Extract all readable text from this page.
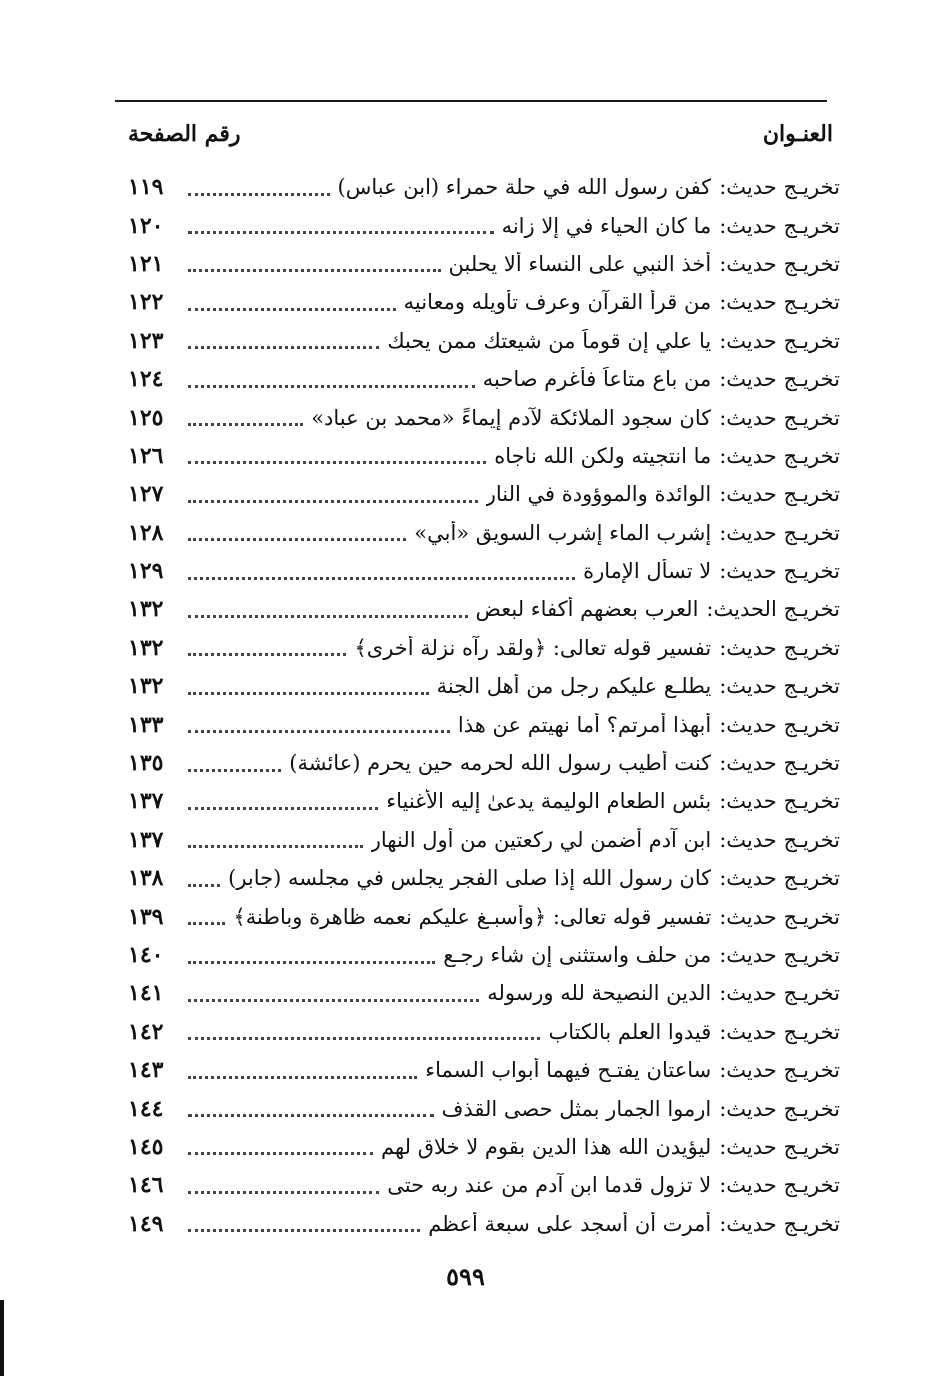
العنـوان
رقم الصفحة
تخريـج حديث:
كفن رسول الله في حلة حمراء (ابن عباس)
١١٩
تخريـج حديث:
ما كان الحياء في إلا زانه
١٢٠
تخريـج حديث:
أخذ النبي على النساء ألا يحلبن
١٢١
تخريـج حديث:
من قرأ القرآن وعرف تأويله ومعانيه
١٢٢
تخريـج حديث:
يا علي إن قوماً من شيعتك ممن يحبك
١٢٣
تخريـج حديث:
من باع متاعاً فأغرم صاحبه
١٢٤
تخريـج حديث:
كان سجود الملائكة لآدم إيماءً «محمد بن عباد»
١٢٥
تخريـج حديث:
ما انتجيته ولكن الله ناجاه
١٢٦
تخريـج حديث:
الوائدة والموؤودة في النار
١٢٧
تخريـج حديث:
إشرب الماء إشرب السويق «أبي»
١٢٨
تخريـج حديث:
لا تسأل الإمارة
١٢٩
تخريـج الحديث:
العرب بعضهم أكفاء لبعض
١٣٢
تخريـج حديث:
تفسير قوله تعالى: ﴿ولقد رآه نزلة أخرى﴾
١٣٢
تخريـج حديث:
يطلـع عليكم رجل من أهل الجنة
١٣٢
تخريـج حديث:
أبهذا أمرتم؟ أما نهيتم عن هذا
١٣٣
تخريـج حديث:
كنت أطيب رسول الله لحرمه حين يحرم (عائشة)
١٣٥
تخريـج حديث:
بئس الطعام الوليمة يدعىٰ إليه الأغنياء
١٣٧
تخريـج حديث:
ابن آدم أضمن لي ركعتين من أول النهار
١٣٧
تخريـج حديث:
كان رسول الله إذا صلى الفجر يجلس في مجلسه (جابر)
١٣٨
تخريـج حديث:
تفسير قوله تعالى: ﴿وأسبـغ عليكم نعمه ظاهرة وباطنة﴾
١٣٩
تخريـج حديث:
من حلف واستثنى إن شاء رجـع
١٤٠
تخريـج حديث:
الدين النصيحة لله ورسوله
١٤١
تخريـج حديث:
قيدوا العلم بالكتاب
١٤٢
تخريـج حديث:
ساعتان يفتـح فيهما أبواب السماء
١٤٣
تخريـج حديث:
ارموا الجمار بمثل حصى القذف
١٤٤
تخريـج حديث:
ليؤيدن الله هذا الدين بقوم لا خلاق لهم
١٤٥
تخريـج حديث:
لا تزول قدما ابن آدم من عند ربه حتى
١٤٦
تخريـج حديث:
أمرت أن أسجد على سبعة أعظم
١٤٩
٥٩٩
